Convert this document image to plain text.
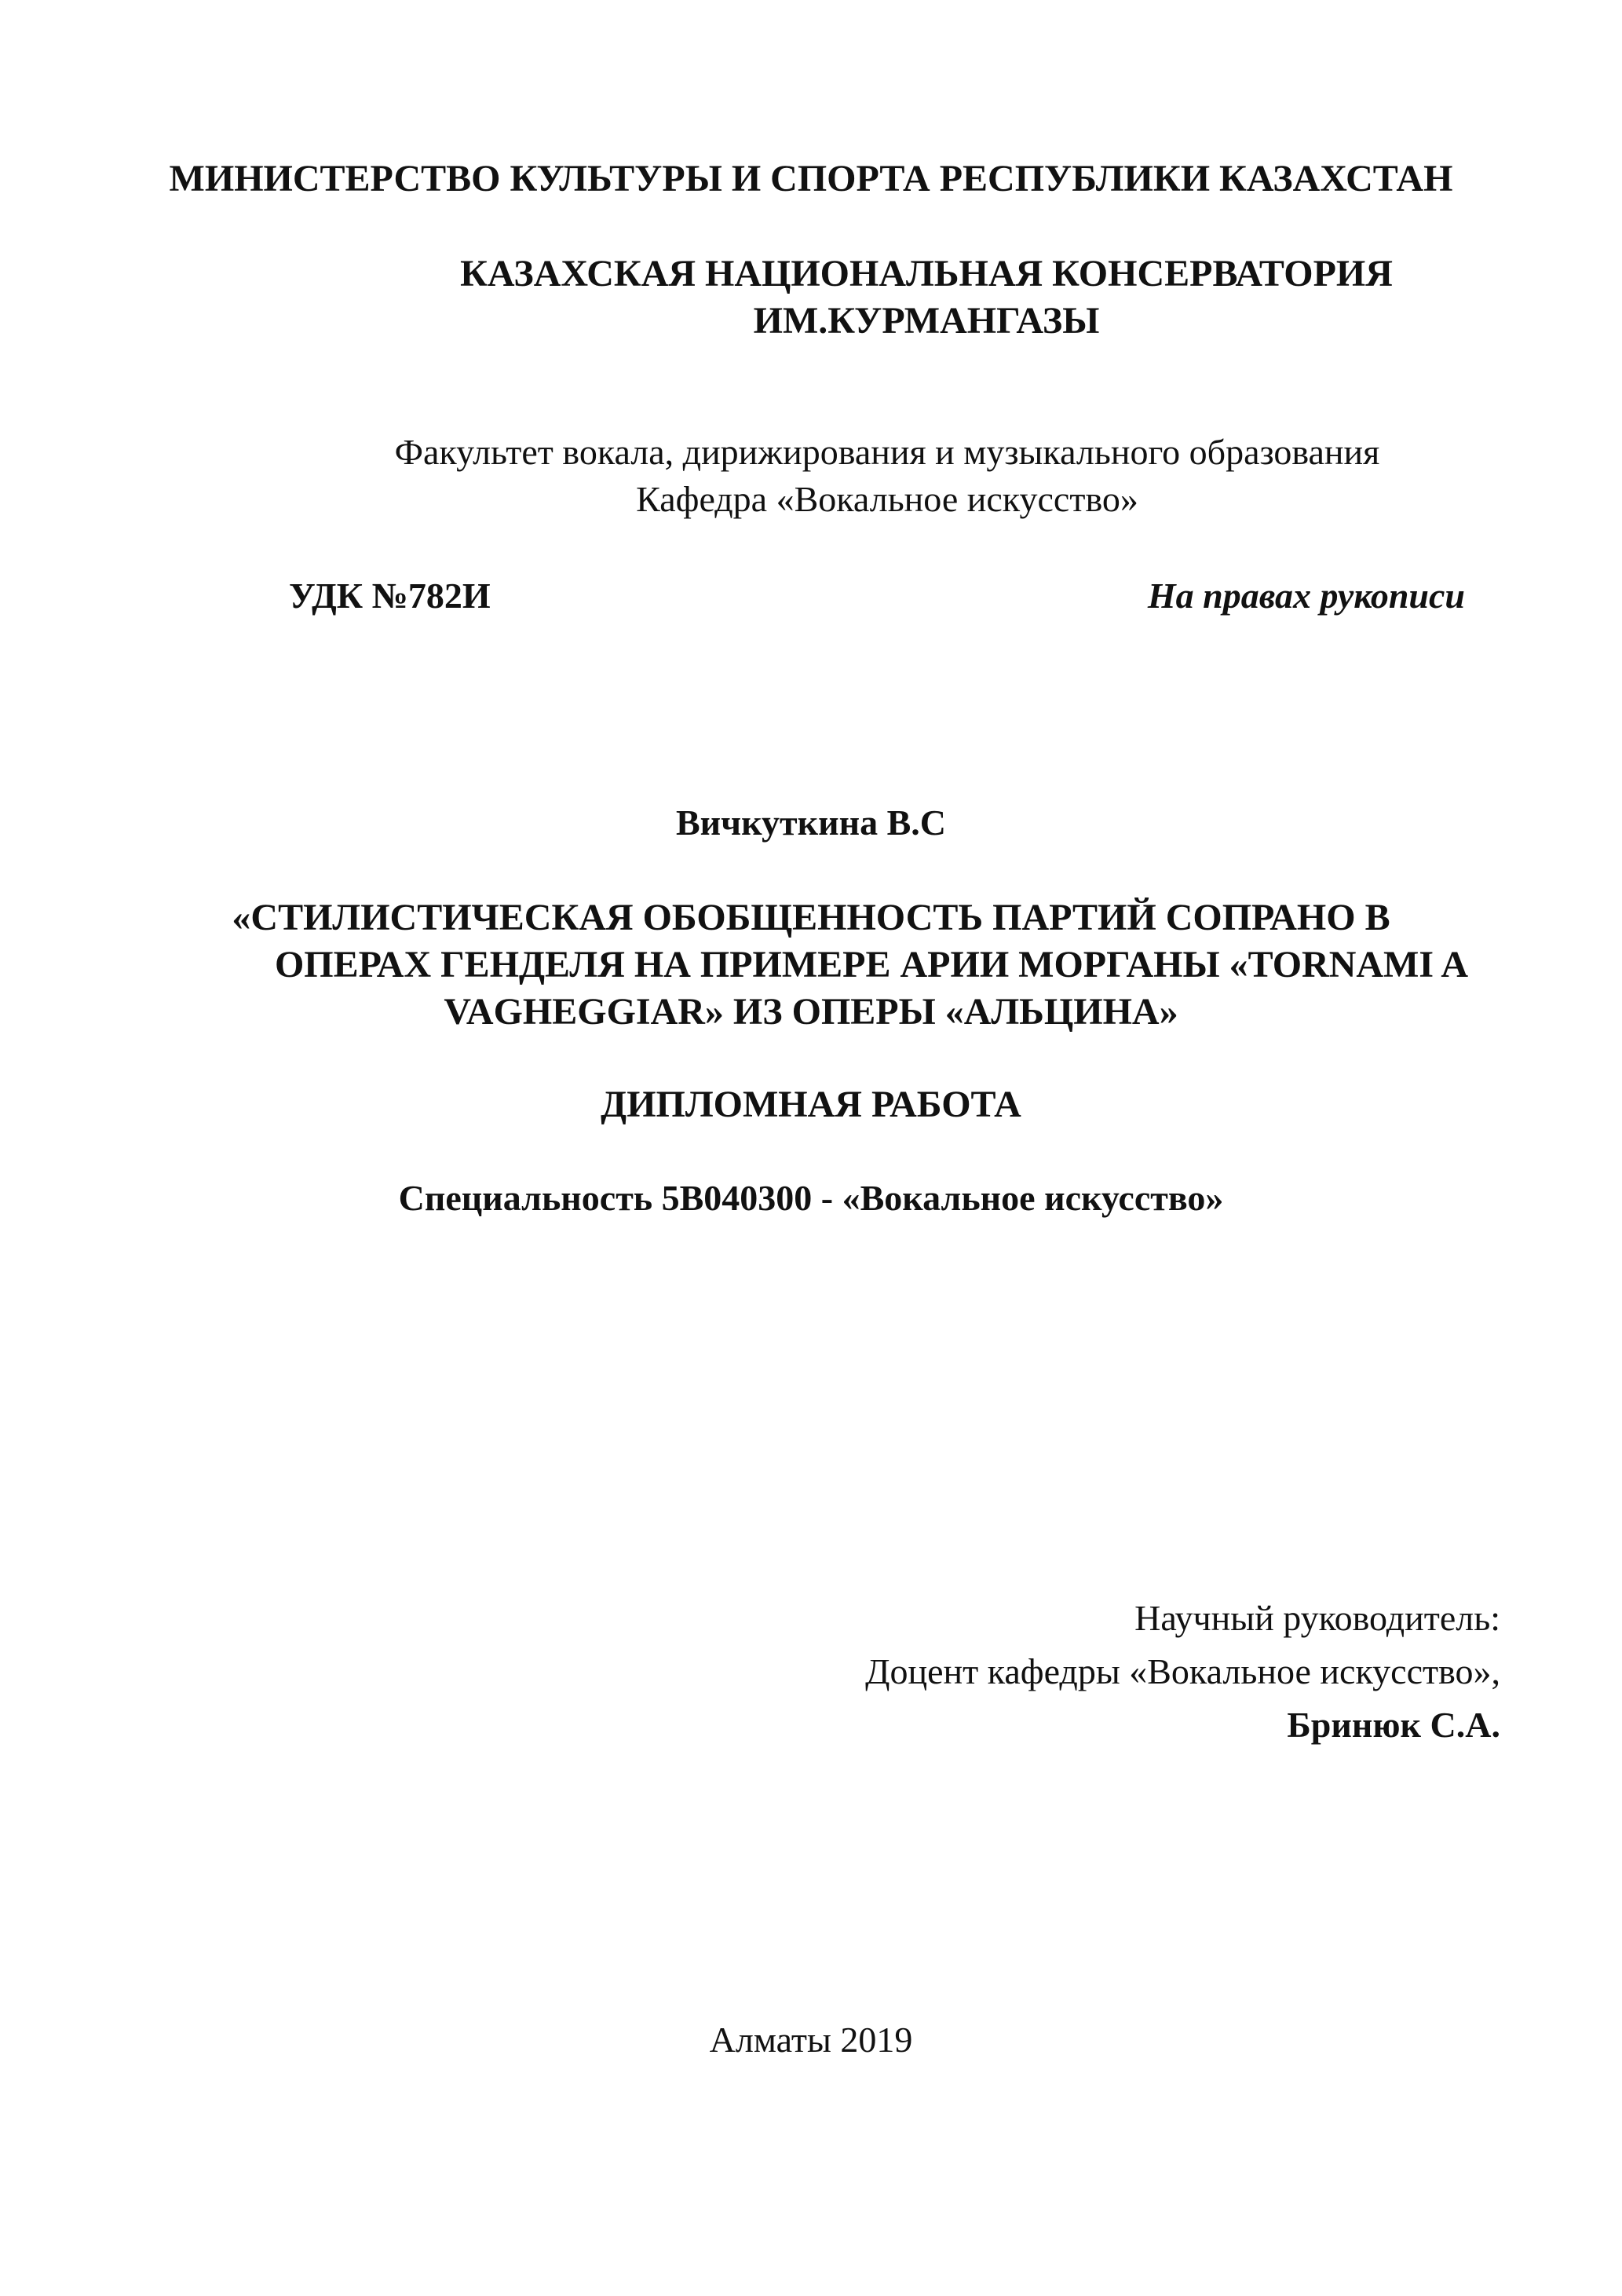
МИНИСТЕРСТВО КУЛЬТУРЫ И СПОРТА РЕСПУБЛИКИ КАЗАХСТАН
КАЗАХСКАЯ НАЦИОНАЛЬНАЯ КОНСЕРВАТОРИЯ
ИМ.КУРМАНГАЗЫ
Факультет вокала, дирижирования и музыкального образования
Кафедра «Вокальное искусство»
УДК №782И	На правах рукописи
Вичкуткина В.С
«СТИЛИСТИЧЕСКАЯ ОБОБЩЕННОСТЬ ПАРТИЙ СОПРАНО В
ОПЕРАХ ГЕНДЕЛЯ НА ПРИМЕРЕ АРИИ МОРГАНЫ «TORNAMI A
VAGHEGGIAR» ИЗ ОПЕРЫ «АЛЬЦИНА»
ДИПЛОМНАЯ РАБОТА
Специальность 5В040300 - «Вокальное искусство»
Научный руководитель:
Доцент кафедры «Вокальное искусство»,
Бринюк С.А.
Алматы 2019
